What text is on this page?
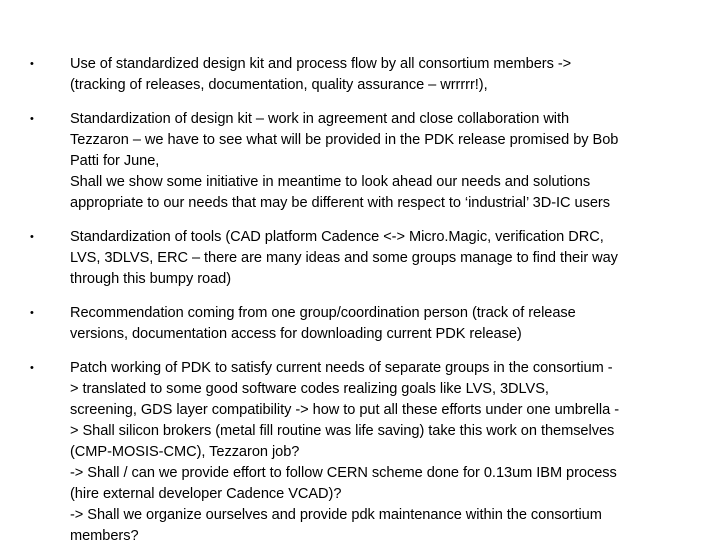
•	Use of standardized design kit and process flow by all consortium members ->
(tracking of releases, documentation, quality assurance – wrrrrr!),
•	Standardization of design kit – work in agreement and close collaboration with
Tezzaron – we have to see what will be provided in the PDK release promised by Bob
Patti for June,
Shall we show some initiative in meantime to look ahead our needs and solutions
appropriate to our needs that may be different with respect to ‘industrial’ 3D-IC users
•	Standardization of tools (CAD platform Cadence <-> Micro.Magic, verification DRC,
LVS, 3DLVS, ERC – there are many ideas and some groups manage to find their way
through this bumpy road)
•	Recommendation coming from one group/coordination person (track of release
versions, documentation access for downloading current PDK release)
•	Patch working of PDK to satisfy current needs of separate groups in the consortium -
> translated to some good software codes realizing goals like LVS, 3DLVS,
screening, GDS layer compatibility -> how to put all these efforts under one umbrella -
> Shall silicon brokers (metal fill routine was life saving) take this work on themselves
(CMP-MOSIS-CMC), Tezzaron job?
-> Shall / can we provide effort to follow CERN scheme done for 0.13um IBM process
(hire external developer Cadence VCAD)?
-> Shall we organize ourselves and provide pdk maintenance within the consortium
members?
